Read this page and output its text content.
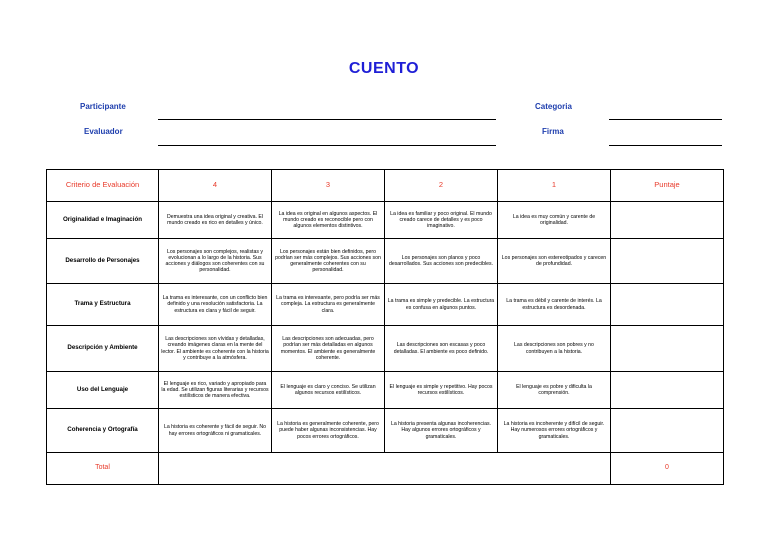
CUENTO
Participante
Evaluador
Categoria
Firma
Criterio de Evaluación	4	3	2	1	Puntaje
Originalidad e Imaginación	Demuestra una idea original y creativa. El mundo creado es rico en detalles y único.	La idea es original en algunos aspectos. El mundo creado es reconocible pero con algunos elementos distintivos.	La idea es familiar y poco original. El mundo creado carece de detalles y es poco imaginativo.	La idea es muy común y carente de originalidad.	
Desarrollo de Personajes	Los personajes son complejos, realistas y evolucionan a lo largo de la historia. Sus acciones y diálogos son coherentes con su personalidad.	Los personajes están bien definidos, pero podrían ser más complejos. Sus acciones son generalmente coherentes con su personalidad.	Los personajes son planos y poco desarrollados. Sus acciones son predecibles.	Los personajes son estereotipados y carecen de profundidad.	
Trama y Estructura	La trama es interesante, con un conflicto bien definido y una resolución satisfactoria. La estructura es clara y fácil de seguir.	La trama es interesante, pero podría ser más compleja. La estructura es generalmente clara.	La trama es simple y predecible. La estructura es confusa en algunos puntos.	La trama es débil y carente de interés. La estructura es desordenada.	
Descripción y Ambiente	Las descripciones son vívidas y detalladas, creando imágenes claras en la mente del lector. El ambiente es coherente con la historia y contribuye a la atmósfera.	Las descripciones son adecuadas, pero podrían ser más detalladas en algunos momentos. El ambiente es generalmente coherente.	Las descripciones son escasas y poco detalladas. El ambiente es poco definido.	Las descripciones son pobres y no contribuyen a la historia.	
Uso del Lenguaje	El lenguaje es rico, variado y apropiado para la edad. Se utilizan figuras literarias y recursos estilísticos de manera efectiva.	El lenguaje es claro y conciso. Se utilizan algunos recursos estilísticos.	El lenguaje es simple y repetitivo. Hay pocos recursos estilísticos.	El lenguaje es pobre y dificulta la comprensión.	
Coherencia y Ortografía	La historia es coherente y fácil de seguir. No hay errores ortográficos ni gramaticales.	La historia es generalmente coherente, pero puede haber algunas inconsistencias. Hay pocos errores ortográficos.	La historia presenta algunas incoherencias. Hay algunos errores ortográficos y gramaticales.	La historia es incoherente y difícil de seguir. Hay numerosos errores ortográficos y gramaticales.	
Total					0
